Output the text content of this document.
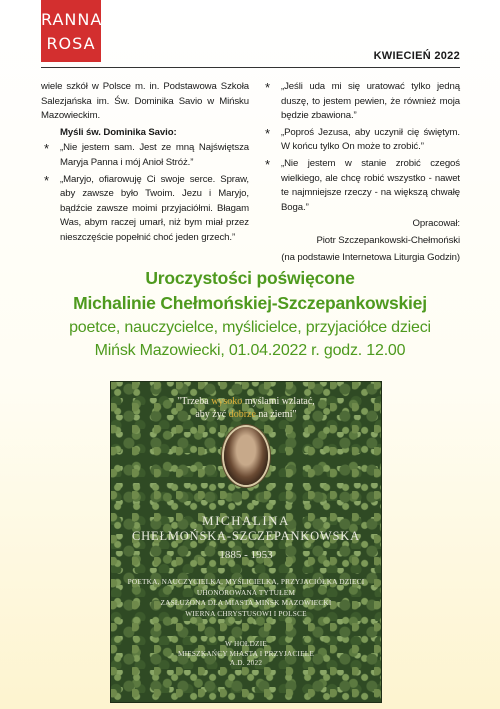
RANNA
ROSA
KWIECIEŃ 2022

wiele szkół w Polsce m. in. Podstawowa Szkoła Salezjańska im. Św. Dominika Savio w Mińsku Mazowieckim.

Myśli św. Dominika Savio:
* „Nie jestem sam. Jest ze mną Najświętsza Maryja Panna i mój Anioł Stróż.”
* „Maryjo, ofiarowuję Ci swoje serce. Spraw, aby zawsze było Twoim. Jezu i Maryjo, bądźcie zawsze moimi przyjaciółmi. Błagam Was, abym raczej umarł, niż bym miał przez nieszczęście popełnić choć jeden grzech.”
* „Jeśli uda mi się uratować tylko jedną duszę, to jestem pewien, że również moja będzie zbawiona.”
* „Poproś Jezusa, aby uczynił cię świętym. W końcu tylko On może to zrobić.”
* „Nie jestem w stanie zrobić czegoś wielkiego, ale chcę robić wszystko - nawet te najmniejsze rzeczy - na większą chwałę Boga.”
Opracował:
Piotr Szczepankowski-Chełmoński
(na podstawie Internetowa Liturgia Godzin)
Uroczystości poświęcone
Michalinie Chełmońskiej-Szczepankowskiej
poetce, nauczycielce, myślicielce, przyjaciółce dzieci
Mińsk Mazowiecki, 01.04.2022 r. godz. 12.00
"Trzeba wysoko myślami wzlatać,
aby żyć dobrze na ziemi"
MICHALINA
CHEŁMOŃSKA-SZCZEPANKOWSKA
1885 - 1953
POETKA, NAUCZYCIELKA, MYŚLICIELKA, PRZYJACIÓŁKA DZIECI
UHONOROWANA TYTUŁEM
ZASŁUŻONA DLA MIASTA MIŃSK MAZOWIECKI
WIERNA CHRYSTUSOWI I POLSCE
W HOŁDZIE
MIESZKAŃCY MIASTA I PRZYJACIELE
A.D. 2022
